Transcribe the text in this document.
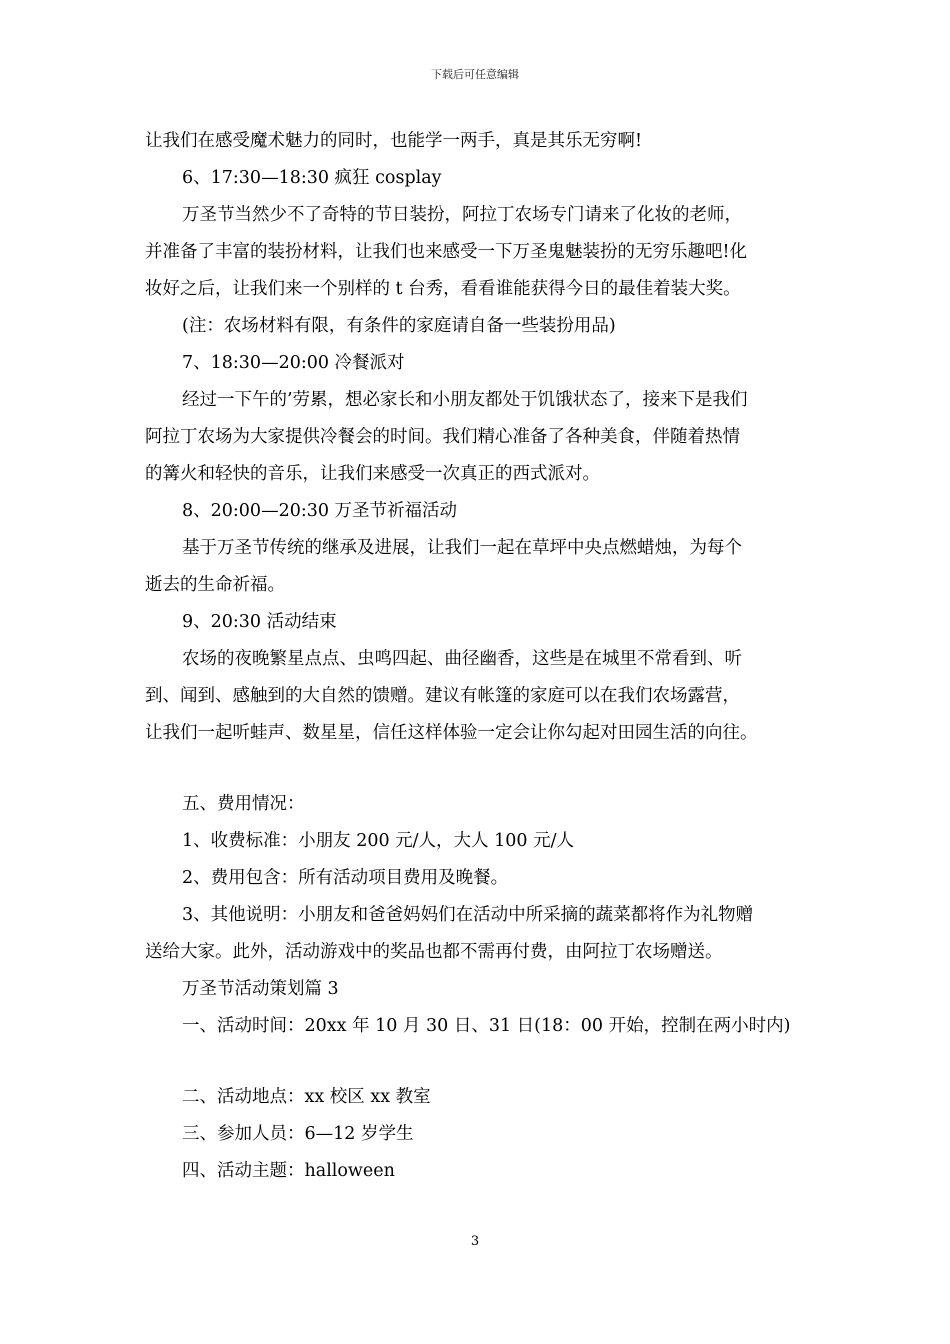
下载后可任意编辑
让我们在感受魔术魅力的同时，也能学一两手，真是其乐无穷啊!
6、17:30—18:30 疯狂 cosplay
万圣节当然少不了奇特的节日装扮，阿拉丁农场专门请来了化妆的老师，
并准备了丰富的装扮材料，让我们也来感受一下万圣鬼魅装扮的无穷乐趣吧!化
妆好之后，让我们来一个别样的 t 台秀，看看谁能获得今日的最佳着装大奖。
(注：农场材料有限，有条件的家庭请自备一些装扮用品)
7、18:30—20:00 冷餐派对
经过一下午的’劳累，想必家长和小朋友都处于饥饿状态了，接来下是我们
阿拉丁农场为大家提供冷餐会的时间。我们精心准备了各种美食，伴随着热情
的篝火和轻快的音乐，让我们来感受一次真正的西式派对。
8、20:00—20:30 万圣节祈福活动
基于万圣节传统的继承及进展，让我们一起在草坪中央点燃蜡烛，为每个
逝去的生命祈福。
9、20:30 活动结束
农场的夜晚繁星点点、虫鸣四起、曲径幽香，这些是在城里不常看到、听
到、闻到、感触到的大自然的馈赠。建议有帐篷的家庭可以在我们农场露营，
让我们一起听蛙声、数星星，信任这样体验一定会让你勾起对田园生活的向往。
五、费用情况：
1、收费标准：小朋友 200 元/人，大人 100 元/人
2、费用包含：所有活动项目费用及晚餐。
3、其他说明：小朋友和爸爸妈妈们在活动中所采摘的蔬菜都将作为礼物赠
送给大家。此外，活动游戏中的奖品也都不需再付费，由阿拉丁农场赠送。
万圣节活动策划篇 3
一、活动时间：20xx 年 10 月 30 日、31 日(18：00 开始，控制在两小时内)
二、活动地点：xx 校区 xx 教室
三、参加人员：6—12 岁学生
四、活动主题：halloween
3
